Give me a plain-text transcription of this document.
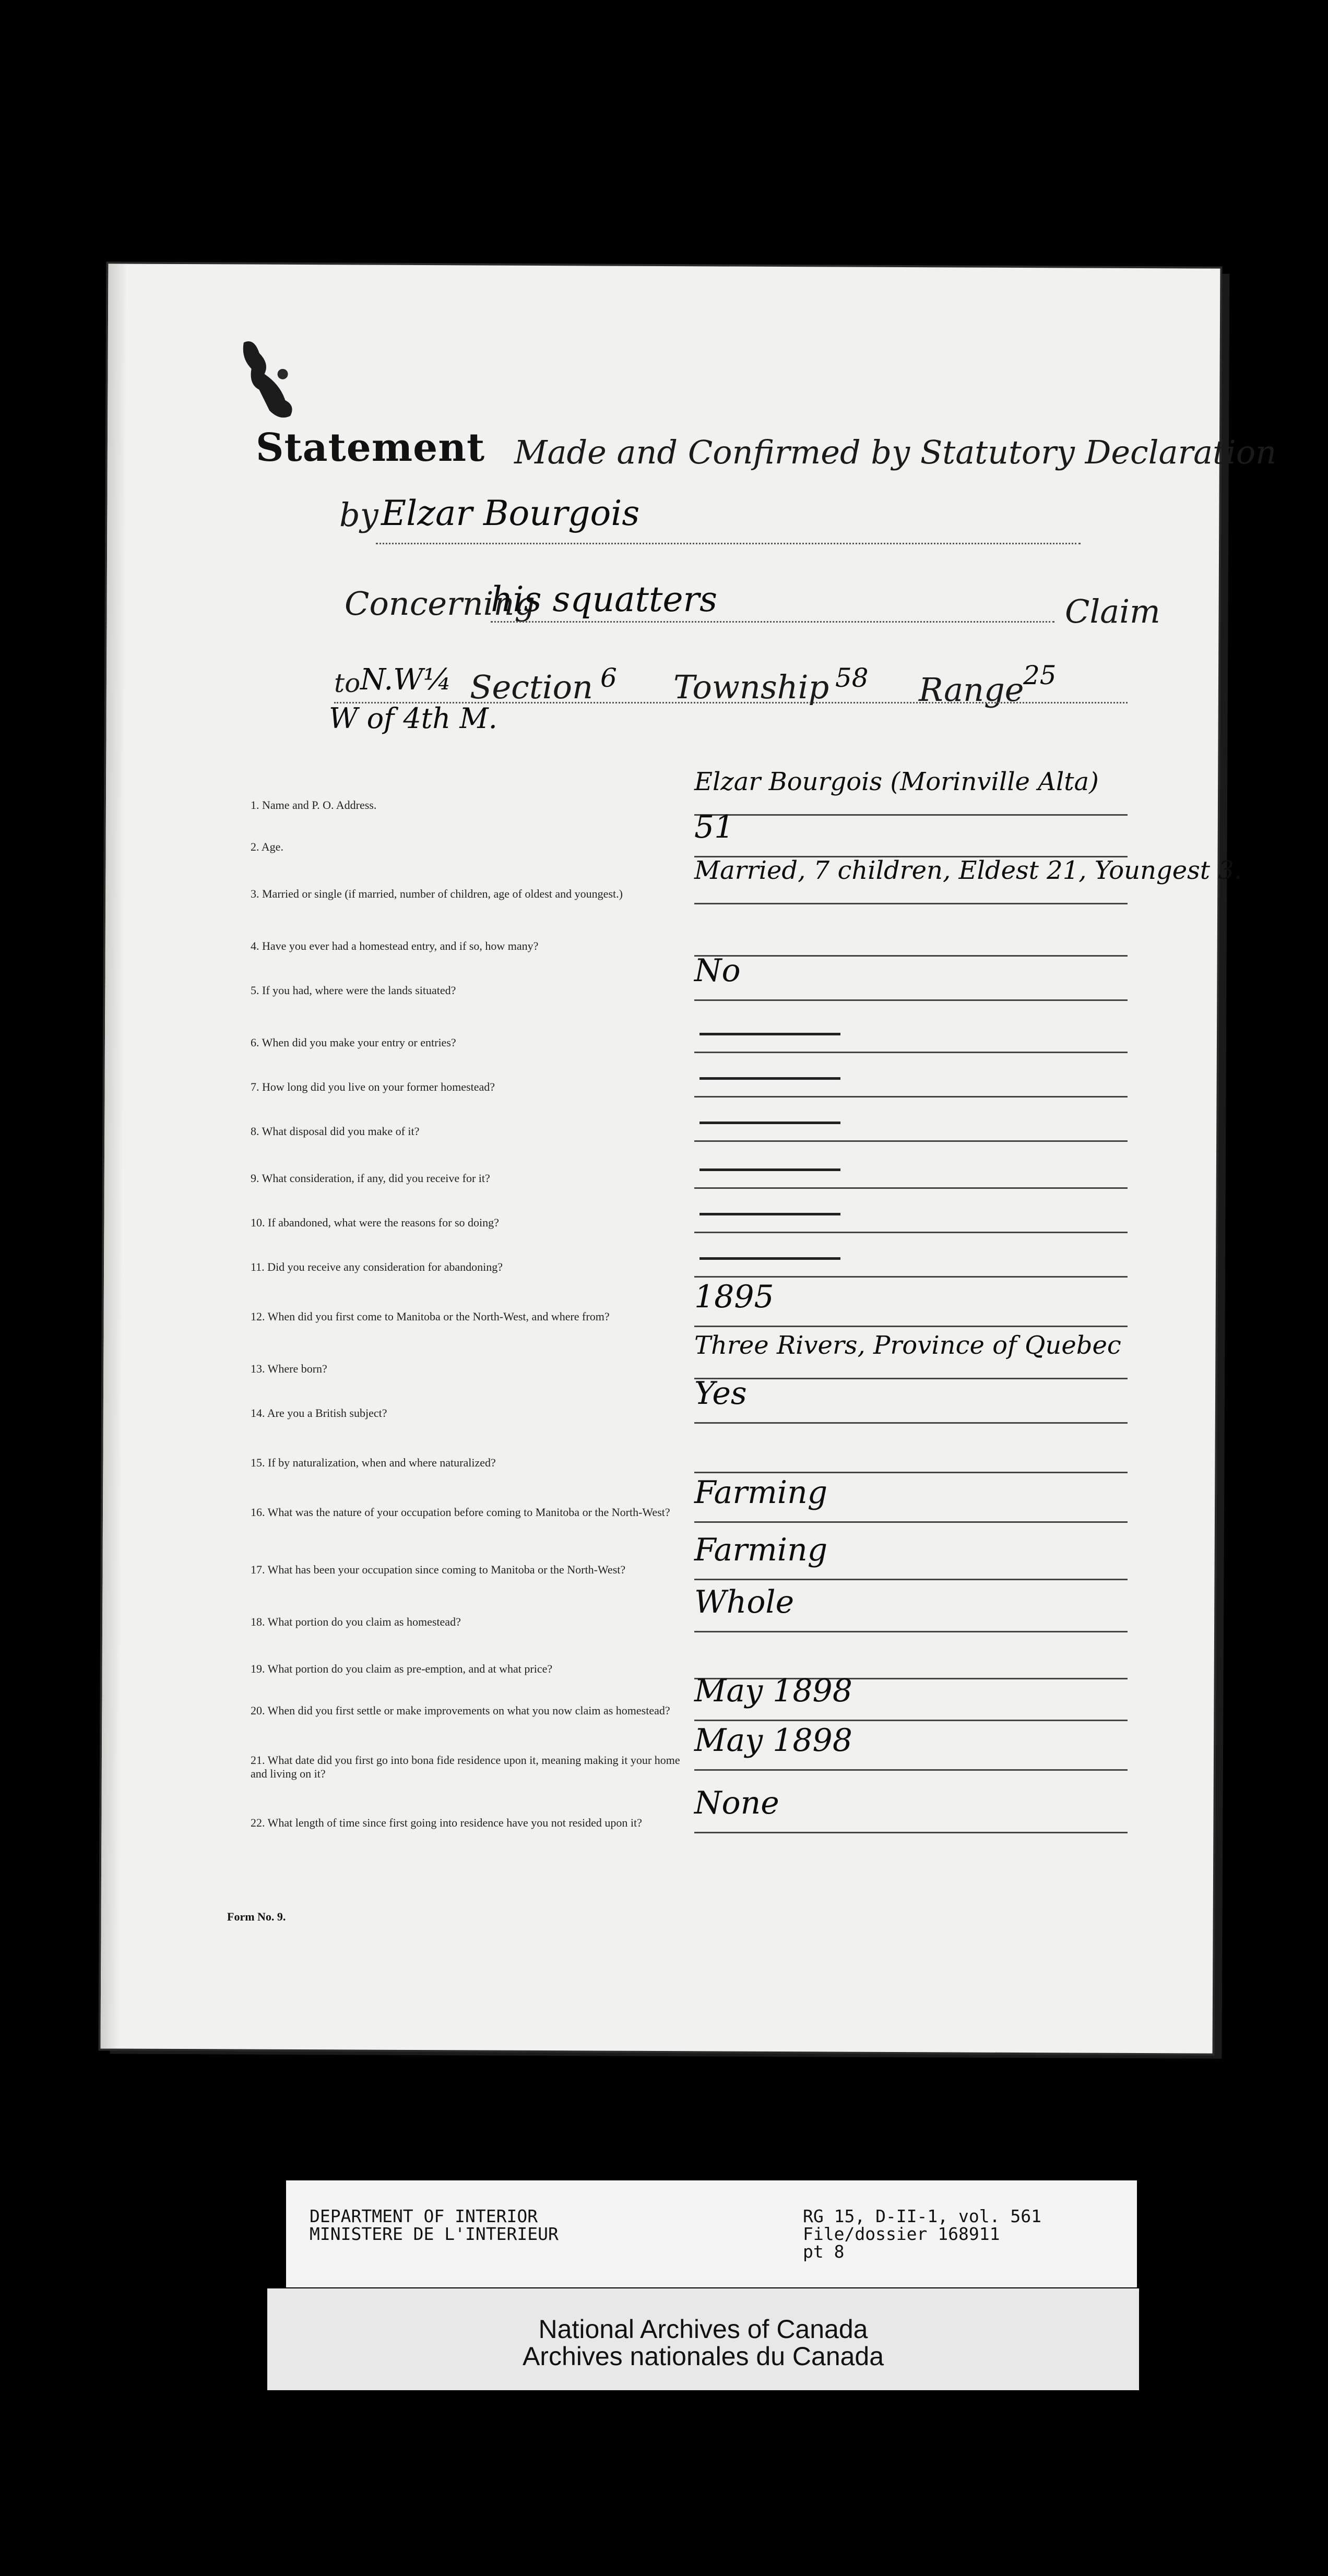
Statement Made and Confirmed by Statutory Declaration
by Elzar Bourgois
Concerning
his squatters	Claim
to N.W¼ Section 6 Township 58 Range
25
W of 4th M.
1. Name and P. O. Address.
Elzar Bourgois (Morinville Alta)
2. Age.
51
3. Married or single (if married, number of children, age of oldest and youngest.)
Married, 7 children, Eldest 21, Youngest 3.
4. Have you ever had a homestead entry, and if so, how many?
5. If you had, where were the lands situated?
No
6. When did you make your entry or entries?
7. How long did you live on your former homestead?
8. What disposal did you make of it?
9. What consideration, if any, did you receive for it?
10. If abandoned, what were the reasons for so doing?
11. Did you receive any consideration for abandoning?
12. When did you first come to Manitoba or the North-West, and where from?
1895
13. Where born?
Three Rivers, Province of Quebec
14. Are you a British subject?
Yes
15. If by naturalization, when and where naturalized?
16. What was the nature of your occupation before coming to Manitoba or the North-West?
Farming
17. What has been your occupation since coming to Manitoba or the North-West?
Farming
18. What portion do you claim as homestead?
Whole
19. What portion do you claim as pre-emption, and at what price?
20. When did you first settle or make improvements on what you now claim as homestead?
May 1898
21. What date did you first go into bona fide residence upon it, meaning making it your home and living on it?
May 1898
22. What length of time since first going into residence have you not resided upon it?
None
Form No. 9.
DEPARTMENT OF INTERIOR
MINISTERE DE L'INTERIEUR
RG 15, D-II-1, vol. 561
File/dossier 168911
pt 8
National Archives of Canada
Archives nationales du Canada
